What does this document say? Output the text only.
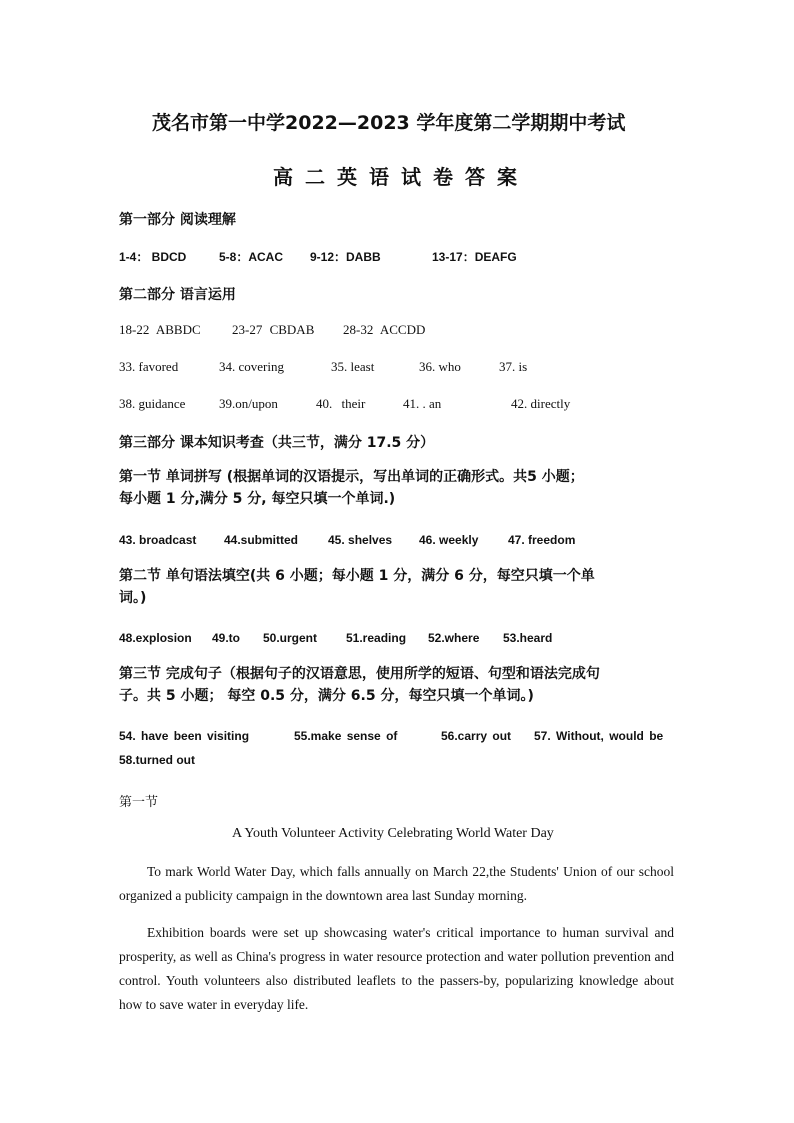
茂名市第一中学2022—2023 学年度第二学期期中考试
高二英语试卷答案
第一部分 阅读理解
1-4： BDCD	5-8：ACAC 9-12：DABB	13-17：DEAFG
第二部分 语言运用
18-22 ABBDC 23-27 CBDAB 28-32 ACCDD
33. favored	34. covering	35. least	36. who	37. is
38. guidance	39.on/upon	40. their	41. . an	42. directly
第三部分 课本知识考查（共三节，满分 17.5 分）
第一节 单词拼写 (根据单词的汉语提示，写出单词的正确形式。共5 小题；
每小题 1 分,满分 5 分, 每空只填一个单词.)
43. broadcast 44.submitted 45. shelves 46. weekly 47. freedom
第二节 单句语法填空(共 6 小题；每小题 1 分，满分 6 分，每空只填一个单
词。)
48.explosion 49.to 50.urgent 51.reading 52.where 53.heard
第三节 完成句子（根据句子的汉语意思，使用所学的短语、句型和语法完成句
子。共 5 小题； 每空 0.5 分，满分 6.5 分，每空只填一个单词。)
54. have been visiting	55.make sense of	56.carry out 57. Without, would be
58.turned out
第一节
A Youth Volunteer Activity Celebrating World Water Day
To mark World Water Day, which falls annually on March 22,the Students' Union of our school organized a publicity campaign in the downtown area last Sunday morning.
Exhibition boards were set up showcasing water's critical importance to human survival and prosperity, as well as China's progress in water resource protection and water pollution prevention and control. Youth volunteers also distributed leaflets to the passers-by, popularizing knowledge about how to save water in everyday life.
